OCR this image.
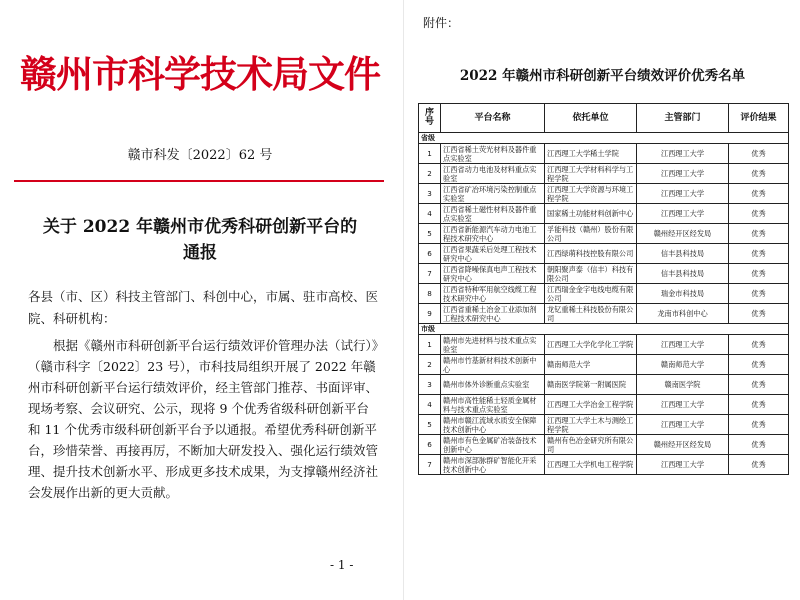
赣州市科学技术局文件
赣市科发〔2022〕62 号
关于 2022 年赣州市优秀科研创新平台的
通报
各县（市、区）科技主管部门、科创中心，市属、驻市高校、医院、科研机构：
根据《赣州市科研创新平台运行绩效评价管理办法（试行）》（赣市科字〔2022〕23 号），市科技局组织开展了 2022 年赣州市科研创新平台运行绩效评价，经主管部门推荐、书面评审、现场考察、会议研究、公示，现将 9 个优秀省级科研创新平台和 11 个优秀市级科研创新平台予以通报。希望优秀科研创新平台，珍惜荣誉、再接再厉，不断加大研发投入、强化运行绩效管理、提升技术创新水平、形成更多技术成果，为支撑赣州经济社会发展作出新的更大贡献。
- 1 -
附件：
2022 年赣州市科研创新平台绩效评价优秀名单
序号	平台名称	依托单位	主管部门	评价结果
省级				
1	江西省稀土荧光材料及器件重点实验室	江西理工大学稀土学院	江西理工大学	优秀
2	江西省动力电池及材料重点实验室	江西理工大学材料科学与工程学院	江西理工大学	优秀
3	江西省矿冶环境污染控制重点实验室	江西理工大学资源与环境工程学院	江西理工大学	优秀
4	江西省稀土磁性材料及器件重点实验室	国家稀土功能材料创新中心	江西理工大学	优秀
5	江西省新能源汽车动力电池工程技术研究中心	孚能科技（赣州）股份有限公司	赣州经开区经发局	优秀
6	江西省果蔬采后处理工程技术研究中心	江西绿萌科技控股有限公司	信丰县科技局	优秀
7	江西省降噪保真电声工程技术研究中心	朝阳聚声泰（信丰）科技有限公司	信丰县科技局	优秀
8	江西省特种军用航空线缆工程技术研究中心	江西瑞金金字电线电缆有限公司	瑞金市科技局	优秀
9	江西省重稀土冶金工业添加剂工程技术研究中心	龙钇重稀土科技股份有限公司	龙南市科创中心	优秀
市级				
1	赣州市先进材料与技术重点实验室	江西理工大学化学化工学院	江西理工大学	优秀
2	赣州市竹基新材料技术创新中心	赣南师范大学	赣南师范大学	优秀
3	赣州市体外诊断重点实验室	赣南医学院第一附属医院	赣南医学院	优秀
4	赣州市高性能稀土轻质金属材料与技术重点实验室	江西理工大学冶金工程学院	江西理工大学	优秀
5	赣州市赣江流域水质安全保障技术创新中心	江西理工大学土木与测绘工程学院	江西理工大学	优秀
6	赣州市有色金属矿冶装备技术创新中心	赣州有色冶金研究所有限公司	赣州经开区经发局	优秀
7	赣州市深部脉群矿智能化开采技术创新中心	江西理工大学机电工程学院	江西理工大学	优秀
